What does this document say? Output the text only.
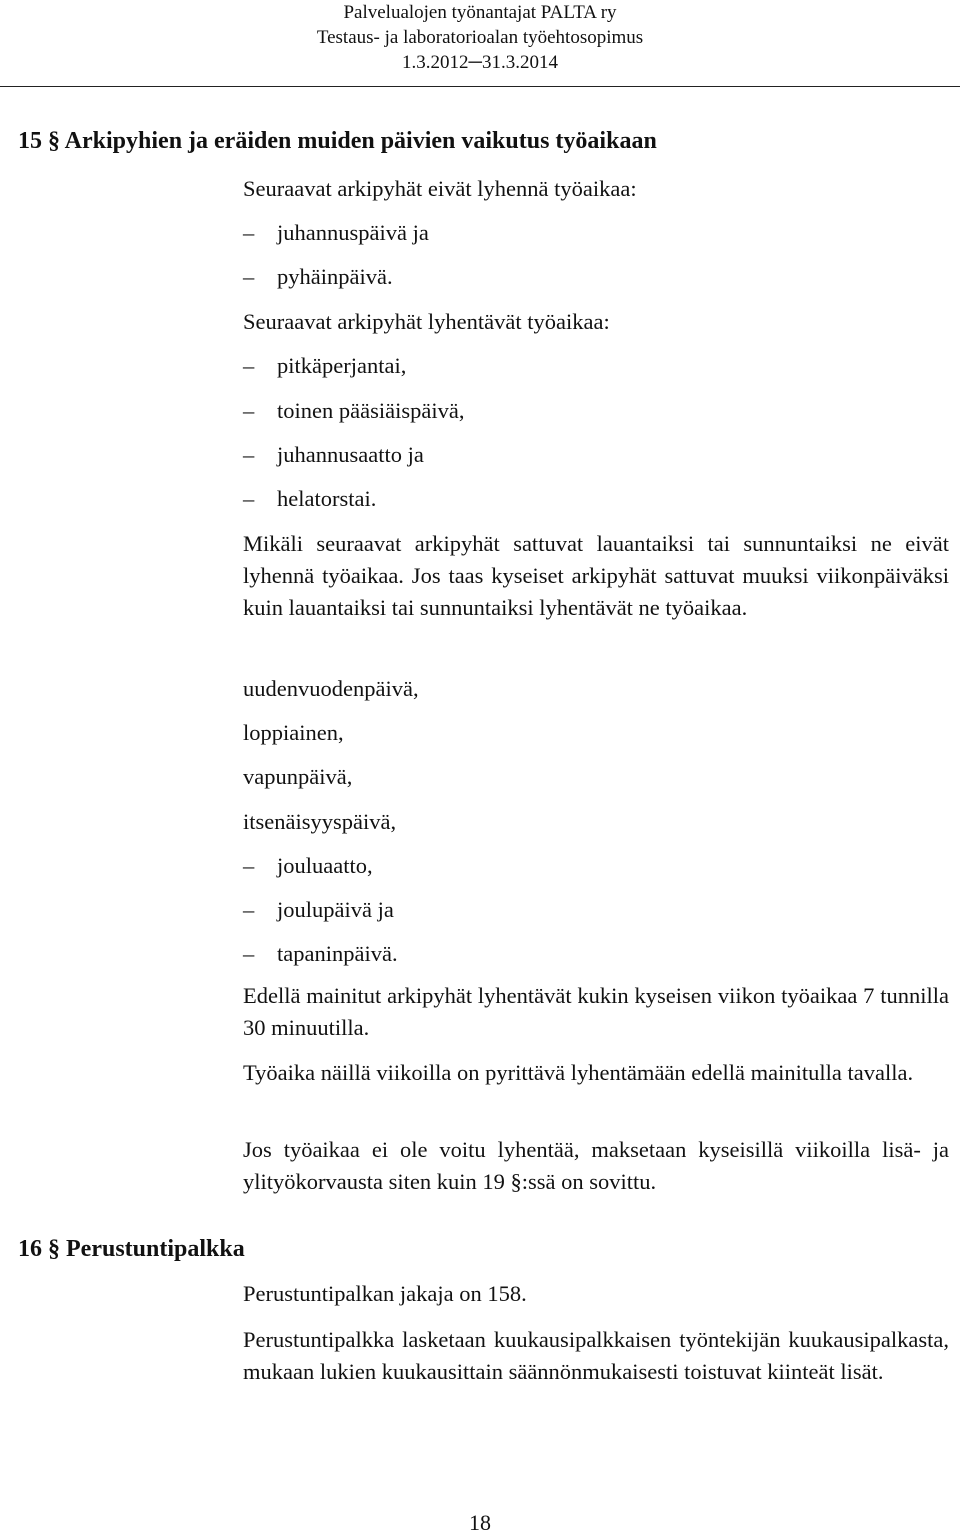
Palvelualojen työnantajat PALTA ry
Testaus- ja laboratorioalan työehtosopimus
1.3.2012─31.3.2014
15 § Arkipyhien ja eräiden muiden päivien vaikutus työaikaan
Seuraavat arkipyhät eivät lyhennä työaikaa:
– juhannuspäivä ja
– pyhäinpäivä.
Seuraavat arkipyhät lyhentävät työaikaa:
– pitkäperjantai,
– toinen pääsiäispäivä,
– juhannusaatto ja
– helatorstai.
Mikäli seuraavat arkipyhät sattuvat lauantaiksi tai sunnuntaiksi ne eivät lyhennä työaikaa. Jos taas kyseiset arkipyhät sattuvat muuksi viikonpäiväksi kuin lauantaiksi tai sunnuntaiksi lyhentävät ne työaikaa.
uudenvuodenpäivä,
loppiainen,
vapunpäivä,
itsenäisyyspäivä,
– jouluaatto,
– joulupäivä ja
– tapaninpäivä.
Edellä mainitut arkipyhät lyhentävät kukin kyseisen viikon työaikaa 7 tunnilla 30 minuutilla.
Työaika näillä viikoilla on pyrittävä lyhentämään edellä mainitulla tavalla.
Jos työaikaa ei ole voitu lyhentää, maksetaan kyseisillä viikoilla lisä- ja ylityökorvausta siten kuin 19 §:ssä on sovittu.
16 § Perustuntipalkka
Perustuntipalkan jakaja on 158.
Perustuntipalkka lasketaan kuukausipalkkaisen työntekijän kuukausipalkasta, mukaan lukien kuukausittain säännönmukaisesti toistuvat kiinteät lisät.
18
